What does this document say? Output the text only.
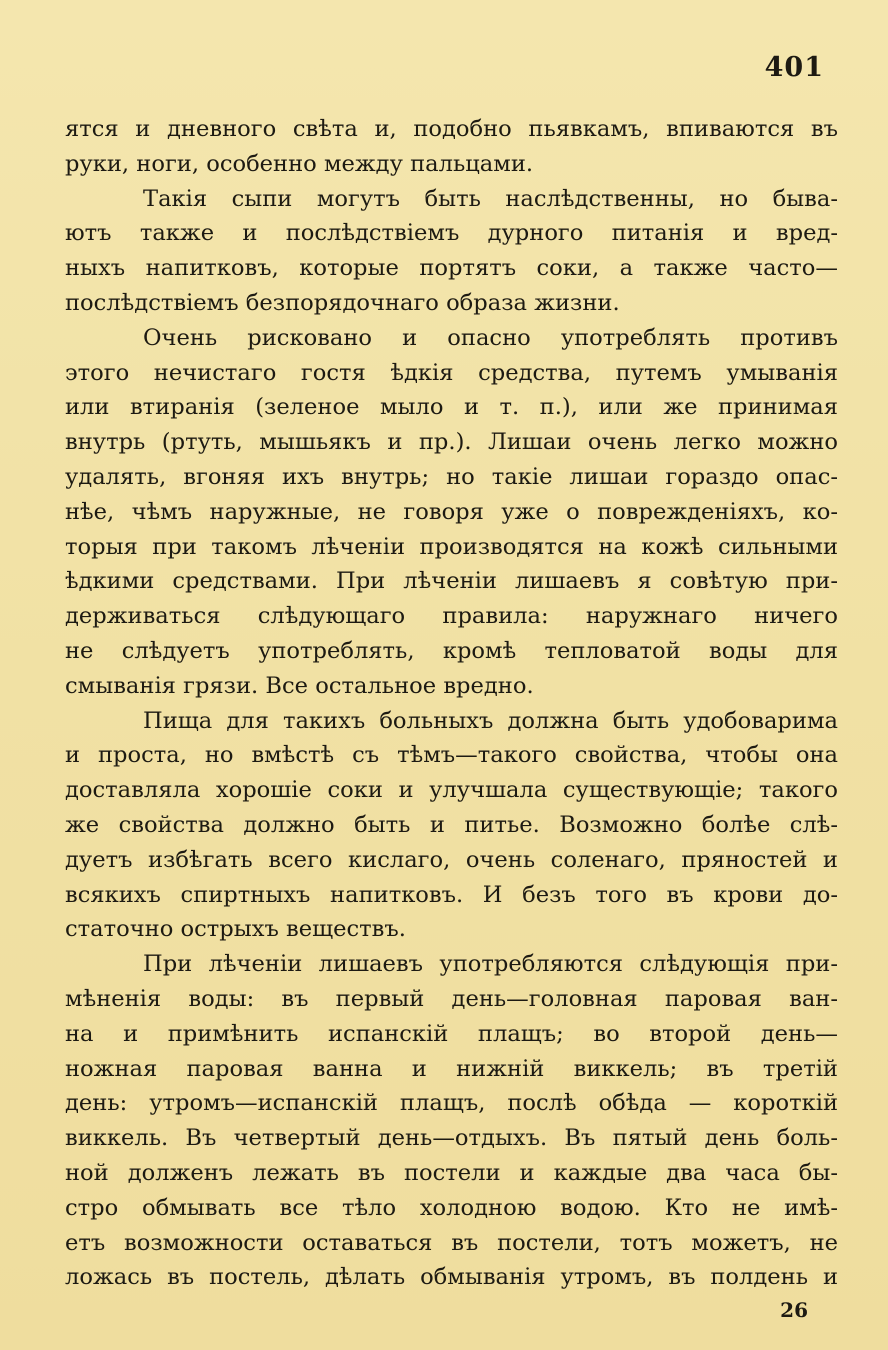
401
ятся и дневного свѣта и, подобно пьявкамъ, впиваются въ
руки, ноги, особенно между пальцами.
Такія сыпи могутъ быть наслѣдственны, но быва-
ютъ также и послѣдствіемъ дурного питанія и вред-
ныхъ напитковъ, которые портятъ соки, а также часто—
послѣдствіемъ безпорядочнаго образа жизни.
Очень рисковано и опасно употреблять противъ
этого нечистаго гостя ѣдкія средства, путемъ умыванія
или втиранія (зеленое мыло и т. п.), или же принимая
внутрь (ртуть, мышьякъ и пр.). Лишаи очень легко можно
удалять, вгоняя ихъ внутрь; но такіе лишаи гораздо опас-
нѣе, чѣмъ наружные, не говоря уже о поврежденіяхъ, ко-
торыя при такомъ лѣченіи производятся на кожѣ сильными
ѣдкими средствами. При лѣченіи лишаевъ я совѣтую при-
держиваться слѣдующаго правила: наружнаго ничего
не слѣдуетъ употреблять, кромѣ тепловатой воды для
смыванія грязи. Все остальное вредно.
Пища для такихъ больныхъ должна быть удобоварима
и проста, но вмѣстѣ съ тѣмъ—такого свойства, чтобы она
доставляла хорошіе соки и улучшала существующіе; такого
же свойства должно быть и питье. Возможно болѣе слѣ-
дуетъ избѣгать всего кислаго, очень соленаго, пряностей и
всякихъ спиртныхъ напитковъ. И безъ того въ крови до-
статочно острыхъ веществъ.
При лѣченіи лишаевъ употребляются слѣдующія при-
мѣненія воды: въ первый день—головная паровая ван-
на и примѣнить испанскій плащъ; во второй день—
ножная паровая ванна и нижній виккель; въ третій
день: утромъ—испанскій плащъ, послѣ обѣда — короткій
виккель. Въ четвертый день—отдыхъ. Въ пятый день боль-
ной долженъ лежать въ постели и каждые два часа бы-
стро обмывать все тѣло холодною водою. Кто не имѣ-
етъ возможности оставаться въ постели, тотъ можетъ, не
ложась въ постель, дѣлать обмыванія утромъ, въ полдень и
26
